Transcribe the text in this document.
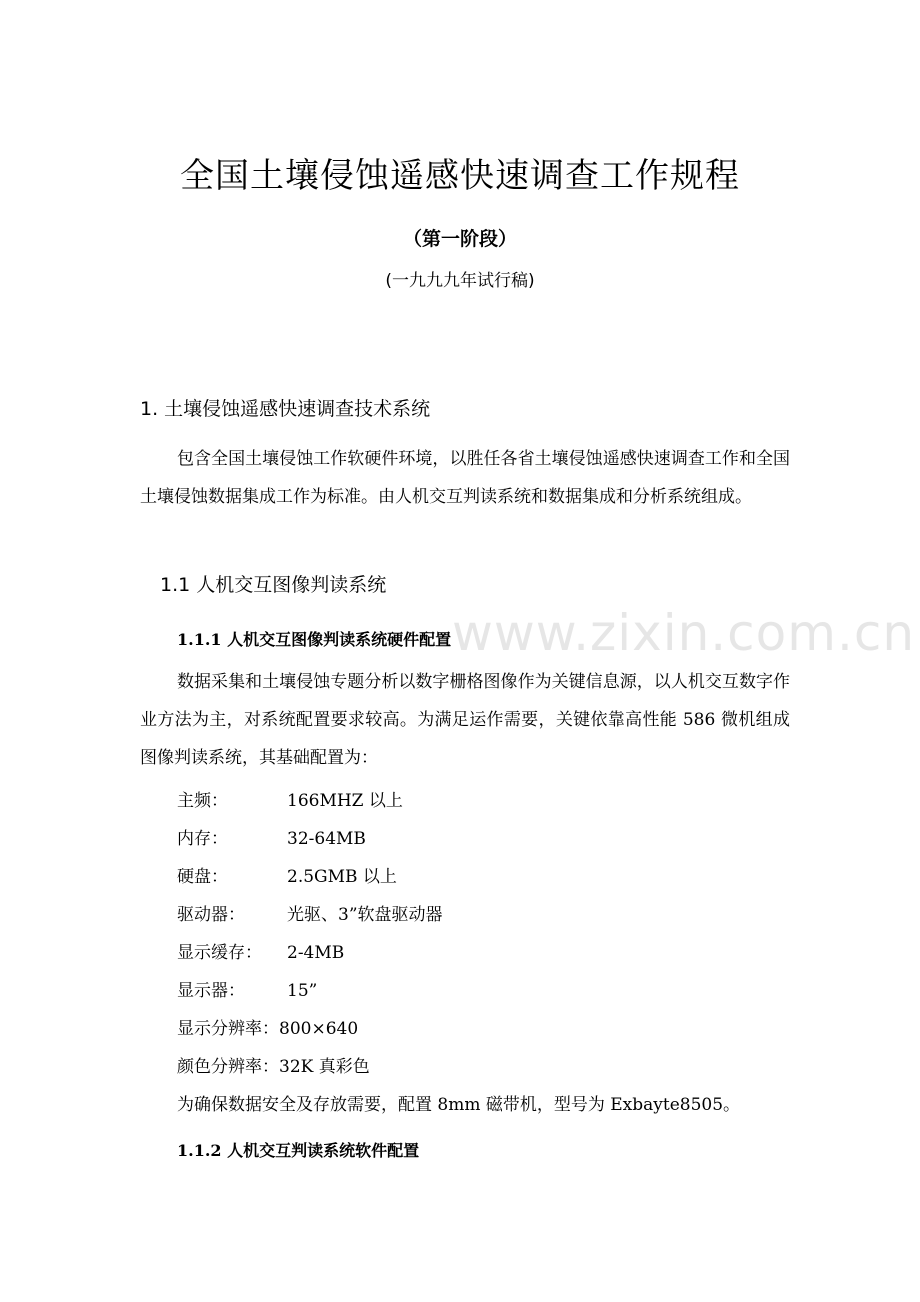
www.zixin.com.cn
全国土壤侵蚀遥感快速调查工作规程
（第一阶段）
(一九九九年试行稿)
1. 土壤侵蚀遥感快速调查技术系统

包含全国土壤侵蚀工作软硬件环境，以胜任各省土壤侵蚀遥感快速调查工作和全国土壤侵蚀数据集成工作为标准。由人机交互判读系统和数据集成和分析系统组成。

1.1 人机交互图像判读系统
1.1.1 人机交互图像判读系统硬件配置

数据采集和土壤侵蚀专题分析以数字栅格图像作为关键信息源，以人机交互数字作业方法为主，对系统配置要求较高。为满足运作需要，关键依靠高性能 586 微机组成图像判读系统，其基础配置为：

主频：	166MHZ 以上
内存：	32-64MB
硬盘：	2.5GMB 以上
驱动器： 光驱、3”软盘驱动器
显示缓存： 2-4MB
显示器： 15”
显示分辨率：800×640
颜色分辨率：32K 真彩色
为确保数据安全及存放需要，配置 8mm 磁带机，型号为 Exbayte8505。
1.1.2 人机交互判读系统软件配置
